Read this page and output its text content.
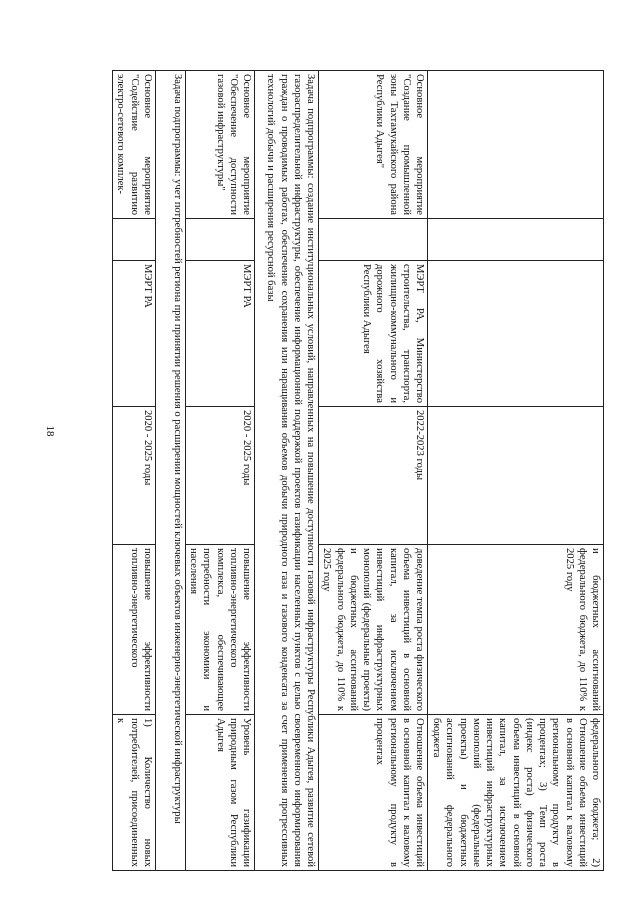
18
				и бюджетных ассигнований федерального бюджета, до 110% к 2025 году	федерального бюджета; 2) Отношение объема инвестиций в основной капитал к валовому региональному продукту в процентах; 3) Темп роста (индекс роста) физического объема инвестиций в основной капитал, за исключением инвестиций инфраструктурных монополий (федеральные проекты) и бюджетных ассигнований федерального бюджета
Основное мероприятие "Создание промышленной зоны Тахтамукайского района Республики Адыгея"		МЭРТ РА, Министерство строительства, транспорта, жилищно-коммунального и дорожного хозяйства Республики Адыгея	2022-2023 годы	доведение темпа роста физического объема инвестиций в основной капитал, за исключением инвестиций инфраструктурных монополий (федеральные проекты) и бюджетных ассигнований федерального бюджета, до 110% к 2025 году	Отношение объема инвестиций в основной капитал к валовому региональному продукту в процентах
Задача подпрограммы: создание институциональных условий, направленных на повышение доступности газовой инфраструктуры Республики Адыгея, развитие сетевой газораспределительной инфраструктуры, обеспечение информационной поддержкой проектов газификации населенных пунктов с целью своевременного информирования граждан о проводимых работах, обеспечение сохранения или наращивания объемов добычи природного газа и газового конденсата за счет применения прогрессивных технологий добычи и расширения ресурсной базы					
Основное мероприятие "Обеспечение доступности газовой инфраструктуры"		МЭРТ РА	2020 - 2025 годы	повышение эффективности топливно-энергетического комплекса, обеспечивающее потребности экономики и населения	Уровень газификации природным газом Республики Адыгея
Задача подпрограммы: учет потребностей региона при принятии решения о расширении мощностей ключевых объектов инженерно-энергетической инфраструктуры					
Основное мероприятие "Содействие развитию электро-сетевого комплек-		МЭРТ РА	2020 - 2025 годы	повышение эффективности топливно-энергетического	1) Количество новых потребителей, присоединенных к
